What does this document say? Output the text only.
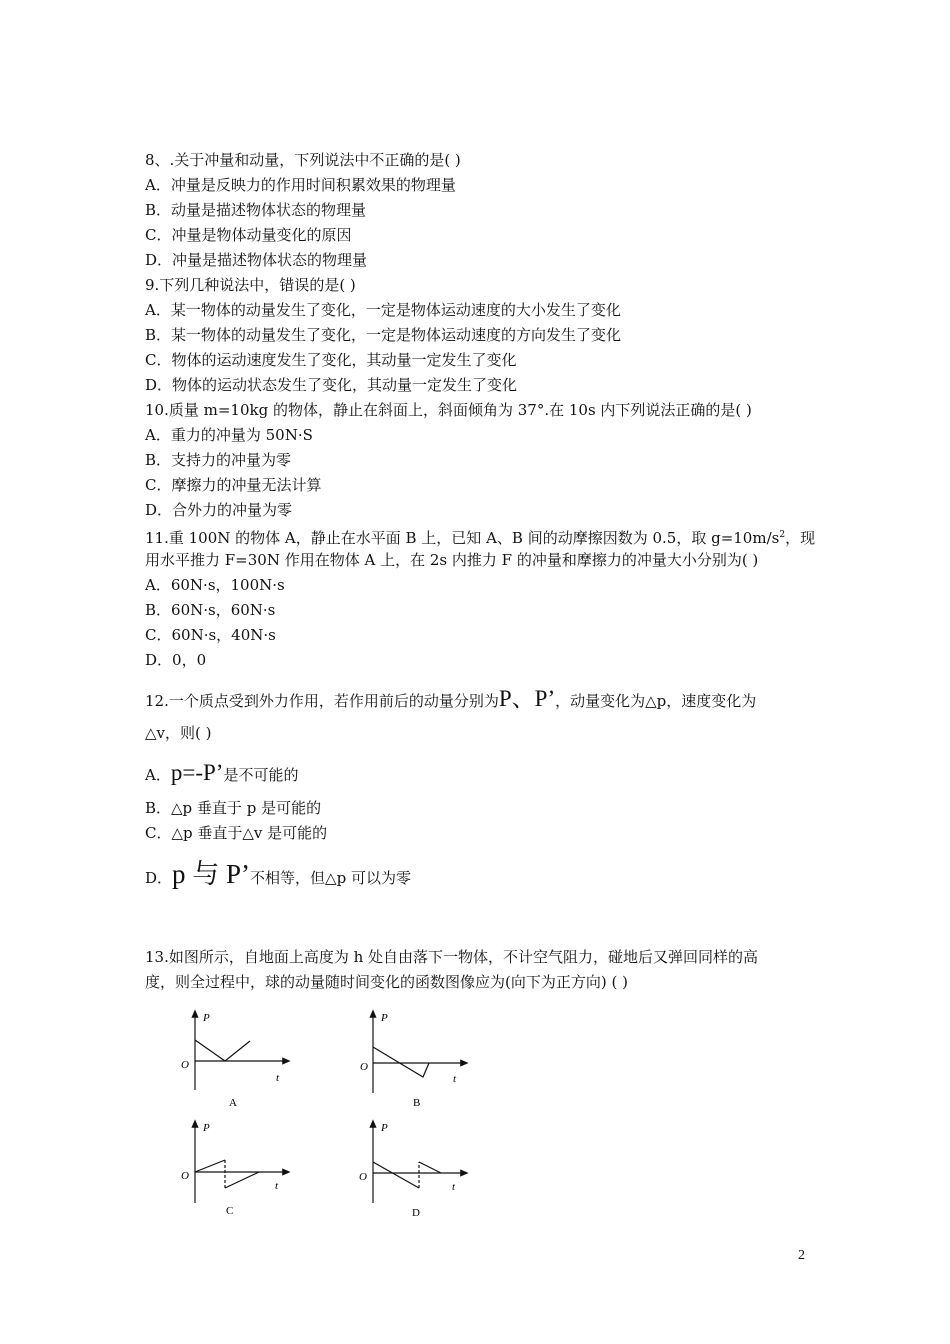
8、.关于冲量和动量，下列说法中不正确的是( )
A．冲量是反映力的作用时间积累效果的物理量
B．动量是描述物体状态的物理量
C．冲量是物体动量变化的原因
D．冲量是描述物体状态的物理量
9.下列几种说法中，错误的是( )
A．某一物体的动量发生了变化，一定是物体运动速度的大小发生了变化
B．某一物体的动量发生了变化，一定是物体运动速度的方向发生了变化
C．物体的运动速度发生了变化，其动量一定发生了变化
D．物体的运动状态发生了变化，其动量一定发生了变化
10.质量 m=10kg 的物体，静止在斜面上，斜面倾角为 37°.在 10s 内下列说法正确的是( )
A．重力的冲量为 50N·S
B．支持力的冲量为零
C．摩擦力的冲量无法计算
D．合外力的冲量为零
11.重 100N 的物体 A，静止在水平面 B 上，已知 A、B 间的动摩擦因数为 0.5，取 $g=10m/s^2$，现
用水平推力 F=30N 作用在物体 A 上，在 2s 内推力 F 的冲量和摩擦力的冲量大小分别为( )
A．60N·s，100N·s
B．60N·s，60N·s
C．60N·s，40N·s
D．0，0
12.一个质点受到外力作用，若作用前后的动量分别为P、P’，动量变化为△p，速度变化为
△v，则( )
A．p=-P’是不可能的
B．△p 垂直于 p 是可能的
C．△p 垂直于△v 是可能的
D．p 与 P’不相等，但△p 可以为零
13.如图所示，自地面上高度为 h 处自由落下一物体，不计空气阻力，碰地后又弹回同样的高
度，则全过程中，球的动量随时间变化的函数图像应为(向下为正方向) ( )
P
O
t
A
P
O
t
B
P
O
t
C
P
O
t
D
2
